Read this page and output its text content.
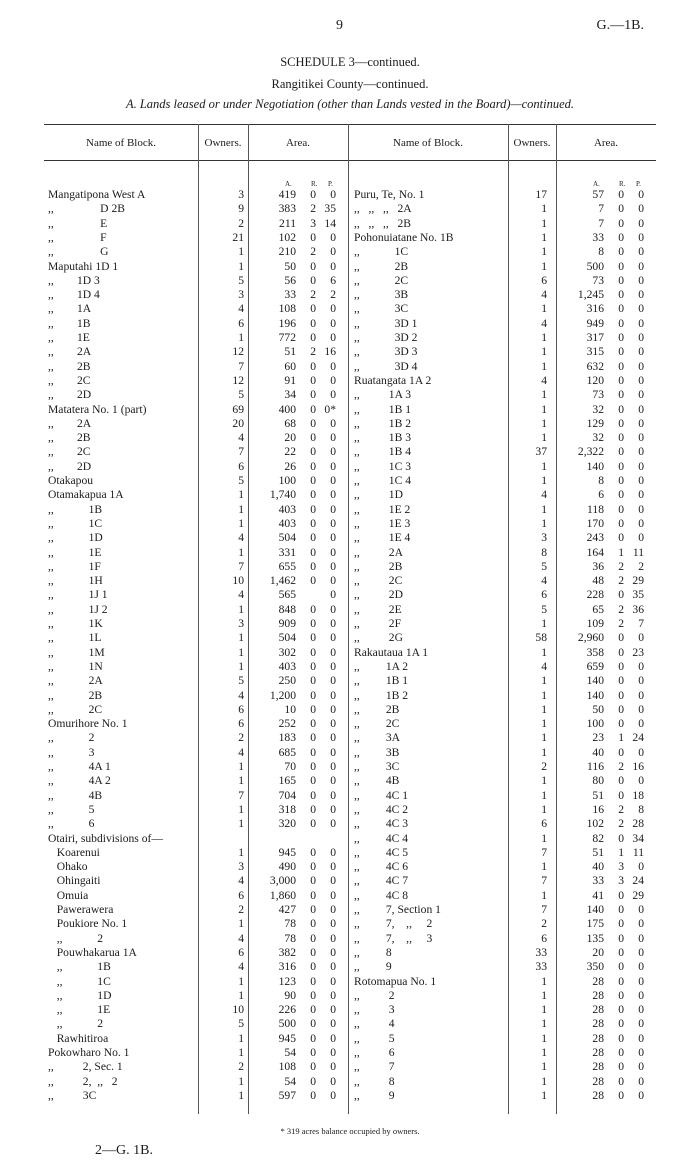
9	G.—1B.
SCHEDULE 3—continued.
Rangitikei County—continued.
A. Lands leased or under Negotiation (other than Lands vested in the Board)—continued.
Name of Block.	Owners.	Area.	Name of Block.	Owners.	Area.
A.	R. P.	A.	R. P.
Mangatipona West A	3	419 0 0
,,                D 2B	9	383 2 35
,,                E	2	211 3 14
,,                F	21	102 0 0
,,                G	1	210 2 0
Maputahi 1D 1	1	50 0 0
,,        1D 3	5	56 0 6
,,        1D 4	3	33 2 2
,,        1A	4	108 0 0
,,        1B	6	196 0 0
,,        1E	1	772 0 0
,,        2A	12	51 2 16
,,        2B	7	60 0 0
,,        2C	12	91 0 0
,,        2D	5	34 0 0
Matatera No. 1 (part)	69	400 0 0*
,,        2A	20	68 0 0
,,        2B	4	20 0 0
,,        2C	7	22 0 0
,,        2D	6	26 0 0
Otakapou	5	100 0 0
Otamakapua 1A	1 1,740 0 0
,,            1B	1	403 0 0
,,            1C	1	403 0 0
,,            1D	4	504 0 0
,,            1E	1	331 0 0
,,            1F	7	655 0 0
,,            1H	10 1,462 0 0
,,            1J 1	4	565	0
,,            1J 2	1	848 0 0
,,            1K	3	909 0 0
,,            1L	1	504 0 0
,,            1M	1	302 0 0
,,            1N	1	403 0 0
,,            2A	5	250 0 0
,,            2B	4 1,200 0 0
,,            2C	6	10 0 0
Omurihore No. 1	6	252 0 0
,,            2	2	183 0 0
,,            3	4	685 0 0
,,            4A 1	1	70 0 0
,,            4A 2	1	165 0 0
,,            4B	7	704 0 0
,,            5	1	318 0 0
,,            6	1	320 0 0
Otairi, subdivisions of—
Koarenui	1	945 0 0
Ohako	3	490 0 0
Ohingaiti	4 3,000 0 0
Omuia	6 1,860 0 0
Pawerawera	2	427 0 0
Poukiore No. 1	1	78 0 0
,,            2	4	78 0 0
Pouwhakarua 1A	6	382 0 0
,,            1B	4	316 0 0
,,            1C	1	123 0 0
,,            1D	1	90 0 0
,,            1E	10	226 0 0
,,            2	5	500 0 0
Rawhitiroa	1	945 0 0
Pokowharo No. 1	1	54 0 0
,,          2, Sec. 1	2	108 0 0
,,          2,  ,,   2	1	54 0 0
,,          3C	1	597 0 0
Puru, Te, No. 1	17	57 0 0
,,   ,,   ,,   2A	1	7 0 0
,,   ,,   ,,   2B	1	7 0 0
Pohonuiatane No. 1B	1	33 0 0
,,            1C	1	8 0 0
,,            2B	1	500 0 0
,,            2C	6	73 0 0
,,            3B	4	1,245 0 0
,,            3C	1	316 0 0
,,            3D 1	4	949 0 0
,,            3D 2	1	317 0 0
,,            3D 3	1	315 0 0
,,            3D 4	1	632 0 0
Ruatangata 1A 2	4	120 0 0
,,          1A 3	1	73 0 0
,,          1B 1	1	32 0 0
,,          1B 2	1	129 0 0
,,          1B 3	1	32 0 0
,,          1B 4	37	2,322 0 0
,,          1C 3	1	140 0 0
,,          1C 4	1	8 0 0
,,          1D	4	6 0 0
,,          1E 2	1	118 0 0
,,          1E 3	1	170 0 0
,,          1E 4	3	243 0 0
,,          2A	8	164 1 11
,,          2B	5	36 2 2
,,          2C	4	48 2 29
,,          2D	6	228 0 35
,,          2E	5	65 2 36
,,          2F	1	109 2 7
,,          2G	58	2,960 0 0
Rakautaua 1A 1	1	358 0 23
,,         1A 2	4	659 0 0
,,         1B 1	1	140 0 0
,,         1B 2	1	140 0 0
,,         2B	1	50 0 0
,,         2C	1	100 0 0
,,         3A	1	23 1 24
,,         3B	1	40 0 0
,,         3C	2	116 2 16
,,         4B	1	80 0 0
,,         4C 1	1	51 0 18
,,         4C 2	1	16 2 8
,,         4C 3	6	102 2 28
,,         4C 4	1	82 0 34
,,         4C 5	7	51 1 11
,,         4C 6	1	40 3 0
,,         4C 7	7	33 3 24
,,         4C 8	1	41 0 29
,,         7, Section 1	7	140 0 0
,,         7,    ,,     2	2	175 0 0
,,         7,    ,,     3	6	135 0 0
,,         8	33	20 0 0
,,         9	33	350 0 0
Rotomapua No. 1	1	28 0 0
,,          2	1	28 0 0
,,          3	1	28 0 0
,,          4	1	28 0 0
,,          5	1	28 0 0
,,          6	1	28 0 0
,,          7	1	28 0 0
,,          8	1	28 0 0
,,          9	1	28 0 0
* 319 acres balance occupied by owners.
2—G. 1B.
